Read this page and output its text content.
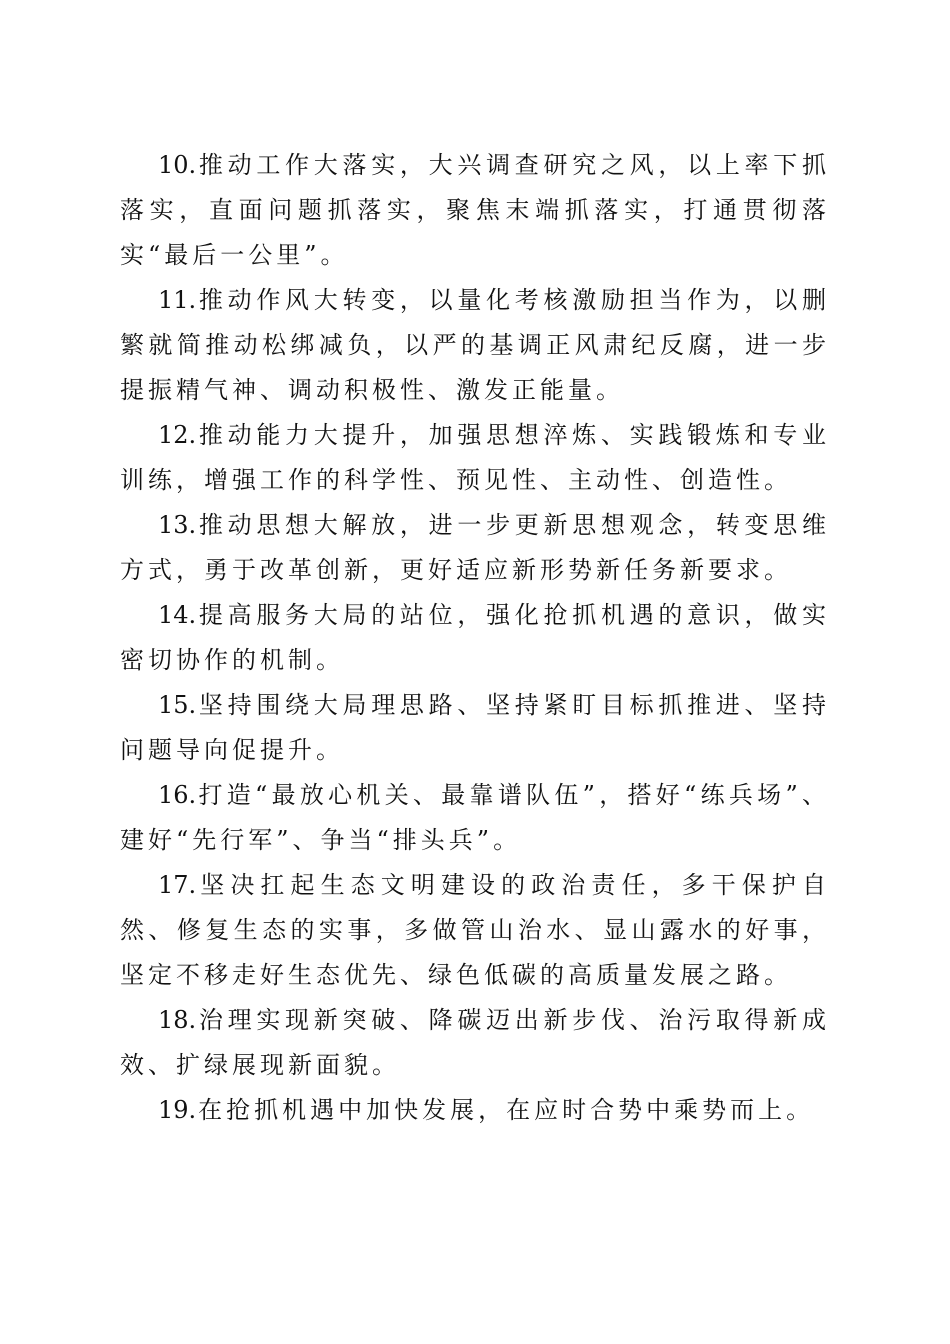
10.推动工作大落实，大兴调查研究之风，以上率下抓落实，直面问题抓落实，聚焦末端抓落实，打通贯彻落实“最后一公里”。

11.推动作风大转变，以量化考核激励担当作为，以删繁就简推动松绑减负，以严的基调正风肃纪反腐，进一步提振精气神、调动积极性、激发正能量。

12.推动能力大提升，加强思想淬炼、实践锻炼和专业训练，增强工作的科学性、预见性、主动性、创造性。

13.推动思想大解放，进一步更新思想观念，转变思维方式，勇于改革创新，更好适应新形势新任务新要求。

14.提高服务大局的站位，强化抢抓机遇的意识，做实密切协作的机制。

15.坚持围绕大局理思路、坚持紧盯目标抓推进、坚持问题导向促提升。

16.打造“最放心机关、最靠谱队伍”，搭好“练兵场”、建好“先行军”、争当“排头兵”。

17.坚决扛起生态文明建设的政治责任，多干保护自然、修复生态的实事，多做管山治水、显山露水的好事，坚定不移走好生态优先、绿色低碳的高质量发展之路。

18.治理实现新突破、降碳迈出新步伐、治污取得新成效、扩绿展现新面貌。

19.在抢抓机遇中加快发展，在应时合势中乘势而上。
